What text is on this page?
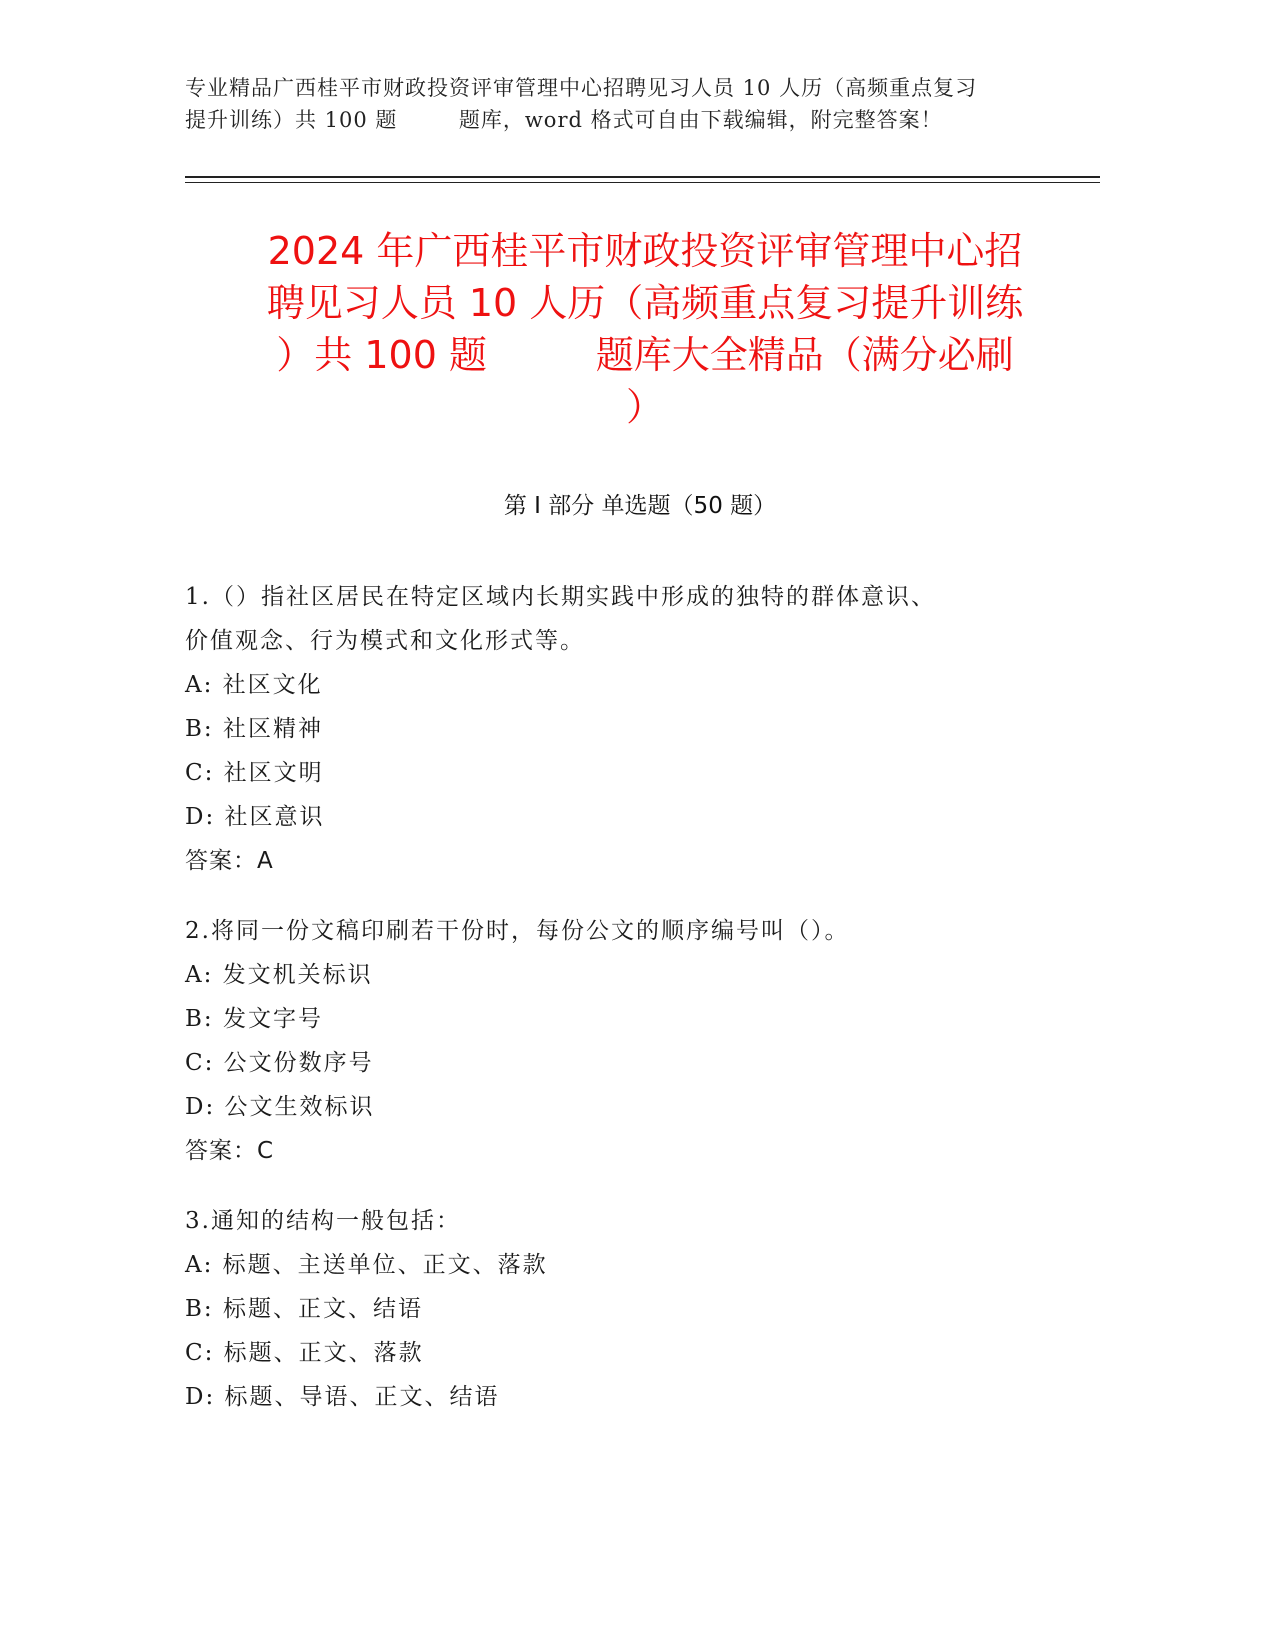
专业精品广西桂平市财政投资评审管理中心招聘见习人员 10 人历（高频重点复习
提升训练）共 100 题        题库，word 格式可自由下载编辑，附完整答案！
2024 年广西桂平市财政投资评审管理中心招
聘见习人员 10 人历（高频重点复习提升训练
）共 100 题         题库大全精品（满分必刷
）
第 I 部分 单选题（50 题）
1.（）指社区居民在特定区域内长期实践中形成的独特的群体意识、
价值观念、行为模式和文化形式等。
A: 社区文化
B: 社区精神
C: 社区文明
D: 社区意识
答案：A
2.将同一份文稿印刷若干份时，每份公文的顺序编号叫（）。
A: 发文机关标识
B: 发文字号
C: 公文份数序号
D: 公文生效标识
答案：C
3.通知的结构一般包括：
A: 标题、主送单位、正文、落款
B: 标题、正文、结语
C: 标题、正文、落款
D: 标题、导语、正文、结语
